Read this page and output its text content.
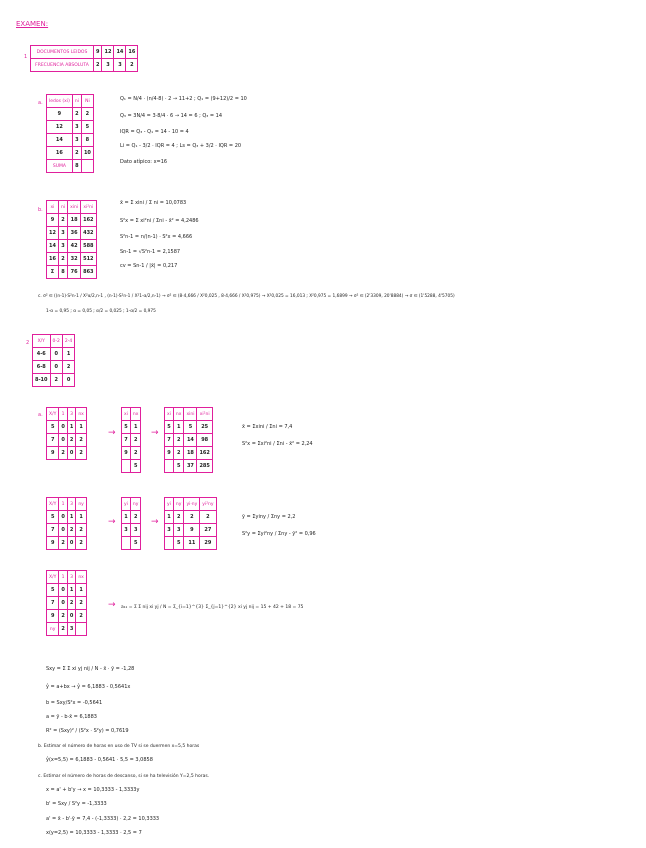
EXAMEN:
1
DOCUMENTOS LEIDOS	9	12	14	16
FRECUENCIA ABSOLUTA	2	3	3	2
a. ledos (xi)	ni	Ni
9	2	2
12	3	5
14	3	8
16	2	10
SUMA	8	
Q₁ = N/4 · (n/4·8) · 2 → 11+2 ; Q₁ = (9+12)/2 = 10
Q₃ = 3N/4 = 3·8/4 · 6 → 14 = 6 ; Q₃ = 14
IQR = Q₃ - Q₁ = 14 - 10 = 4
Li = Q₁ - 3/2 · IQR = 4 ; Ls = Q₃ + 3/2 · IQR = 20
Dato atípico: x=16
b. xi	ni	xini	xi²ni
9	2	18	162
12	3	36	432
14	3	42	588
16	2	32	512
Σ	8	76	863
x̄ = Σ xini / Σ ni = 10,0783
S²x = Σ xi²ni / Σni - x̄² = 4,2486
S²n-1 = n/(n-1) · S²x = 4,666
Sn-1 = √S²n-1 = 2,1587
cv = Sn-1 / |x̄| = 0,217
c. σ² ∈ ((n-1)·S²n-1 / X²α/2,n-1 , (n-1)·S²n-1 / X²1-α/2,n-1) → σ² ∈ (8·4,666 / X²0,025 , 8·4,666 / X²0,975) → X²0,025 = 16,013 ; X²0,975 = 1,6899 → σ² ∈ (2'3309, 20'8884) → σ ∈ (1'5288, 4'5705)
1-α = 0,95 ; α = 0,05 ; α/2 = 0,025 ; 1-α/2 = 0,975
2 X/Y	0-2	2-4
4-6	0	1
6-8	0	2
8-10	2	0
a. X/Y	1	3	nx
5	0	1	1
7	0	2	2
9	2	0	2
→
xi	nx
5	1
7	2
9	2
	5
→
xi	nx	xini	xi²ni
5	1	5	25
7	2	14	98
9	2	18	162
	5	37	285
x̄ = Σxini / Σni = 7,4
S²x = Σxi²ni / Σni - x̄² = 2,24
X/Y	1	3	ny
5	0	1	1
7	0	2	2
9	2	0	2
→
yi	ny
1	2
3	3
	5
→
yi	ny	yi·ny	yi²ny
1	2	2	2
3	3	9	27
	5	11	29
ȳ = Σyiny / Σny = 2,2
S²y = Σyi²ny / Σny - ȳ² = 0,96
X/Y	1	3	nx
5	0	1	1
7	0	2	2
9	2	0	2
ny	2	3	
→ a₁₁ = Σ Σ nij xi yj / N = Σ_{i=1}^{3} Σ_{j=1}^{2} xi yj nij = 15 + 42 + 18 = 75
Sxy = Σ Σ xi yj nij / N - x̄ · ȳ = -1,28
ŷ = a+bx → ŷ = 6,1883 - 0,5641x
b = Sxy/S²x = -0,5641
a = ȳ - b·x̄ = 6,1883
R² = (Sxy)² / (S²x · S²y) = 0,7619
b. Estimar el número de horas en uso de TV si se duermen x=5,5 horas
ŷ(x=5,5) = 6,1883 - 0,5641 · 5,5 = 3,0858
c. Estimar el número de horas de descanso, si se ha televisión Y=2,5 horas.
x = a' + b'y → x = 10,3333 - 1,3333y
b' = Sxy / S²y = -1,3333
a' = x̄ - b'·ȳ = 7,4 - (-1,3333) · 2,2 = 10,3333
x(y=2,5) = 10,3333 - 1,3333 · 2,5 = 7
